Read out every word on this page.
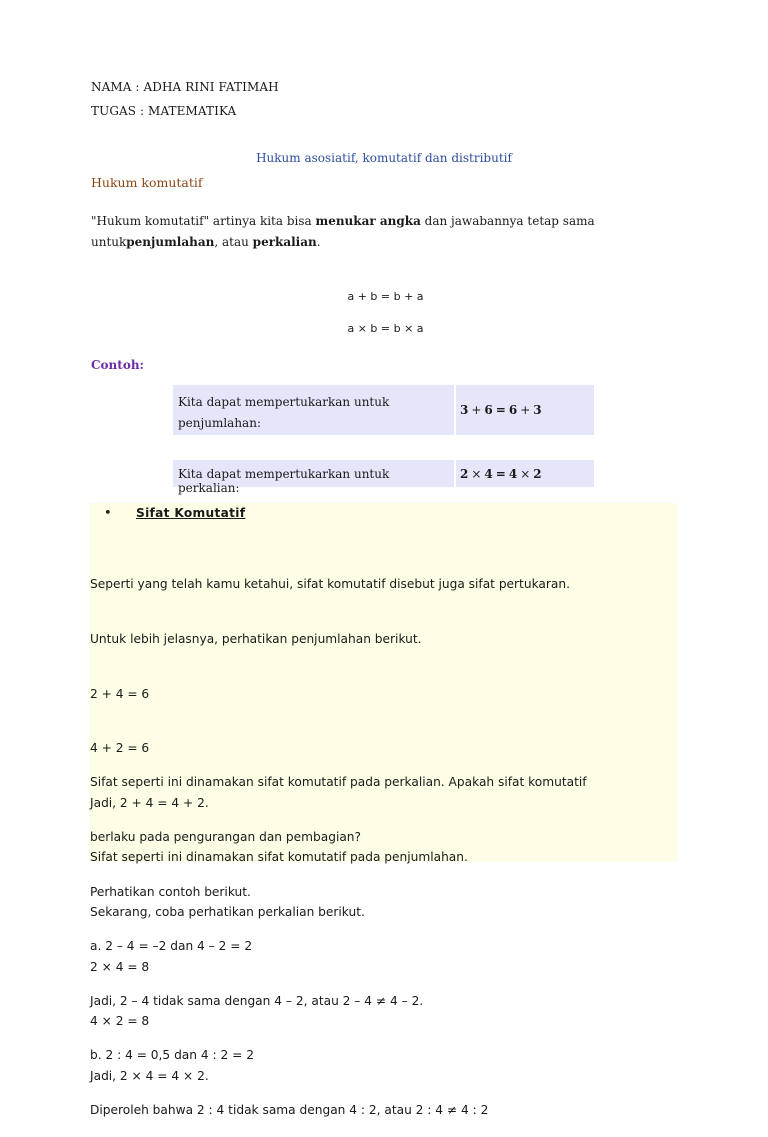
NAMA : ADHA RINI FATIMAH
TUGAS : MATEMATIKA
Hukum asosiatif, komutatif dan distributif
Hukum komutatif
"Hukum komutatif" artinya kita bisa menukar angka dan jawabannya tetap sama
untukpenjumlahan, atau perkalian.
a + b = b + a
a × b = b × a
Contoh:
Kita dapat mempertukarkan untuk penjumlahan:
3 + 6 = 6 + 3
Kita dapat mempertukarkan untuk perkalian:
2 × 4 = 4 × 2
• Sifat Komutatif

Seperti yang telah kamu ketahui, sifat komutatif disebut juga sifat pertukaran.

Untuk lebih jelasnya, perhatikan penjumlahan berikut.

2 + 4 = 6

4 + 2 = 6

Jadi, 2 + 4 = 4 + 2.

Sifat seperti ini dinamakan sifat komutatif pada penjumlahan.

Sekarang, coba perhatikan perkalian berikut.

2 × 4 = 8

4 × 2 = 8

Jadi, 2 × 4 = 4 × 2.

Sifat seperti ini dinamakan sifat komutatif pada perkalian. Apakah sifat komutatif

berlaku pada pengurangan dan pembagian?

Perhatikan contoh berikut.

a. 2 – 4 = –2 dan 4 – 2 = 2

Jadi, 2 – 4 tidak sama dengan 4 – 2, atau 2 – 4 ≠ 4 – 2.

b. 2 : 4 = 0,5 dan 4 : 2 = 2

Diperoleh bahwa 2 : 4 tidak sama dengan 4 : 2, atau 2 : 4 ≠ 4 : 2
